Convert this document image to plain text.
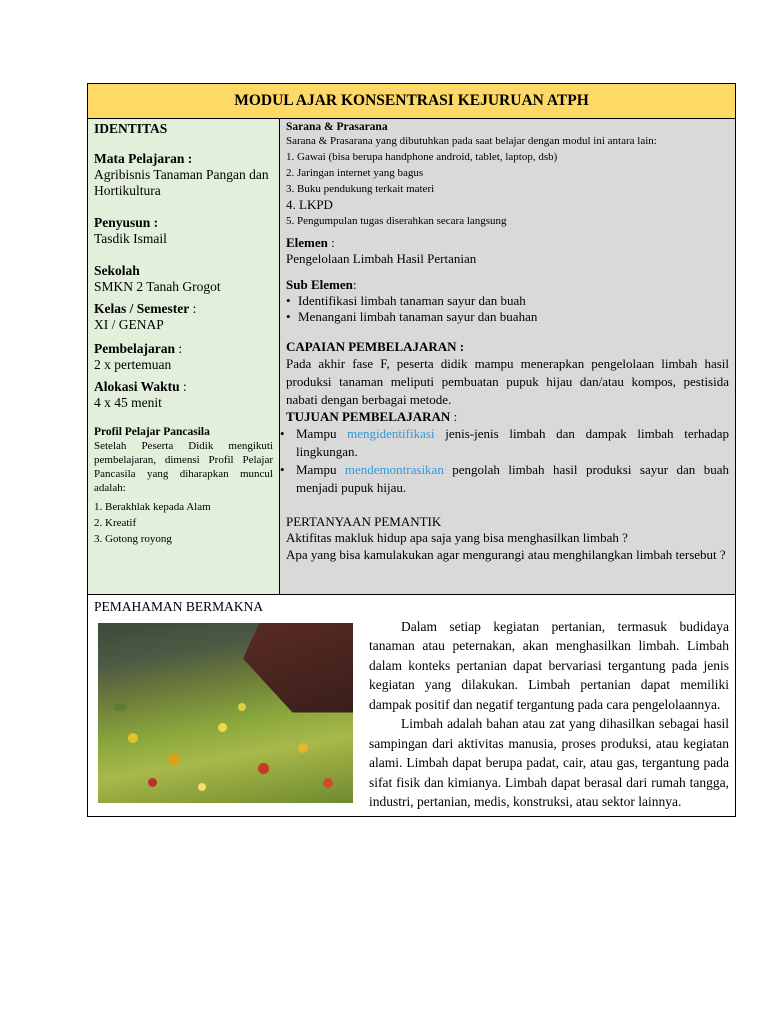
MODUL AJAR KONSENTRASI KEJURUAN ATPH
IDENTITAS
Mata Pelajaran :
Agribisnis Tanaman Pangan dan Hortikultura
Penyusun :
Tasdik Ismail
Sekolah
SMKN 2 Tanah Grogot
Kelas / Semester :
XI / GENAP
Pembelajaran :
2 x pertemuan
Alokasi Waktu :
4 x 45 menit
Profil Pelajar Pancasila
Setelah Peserta Didik mengikuti pembelajaran, dimensi Profil Pelajar Pancasila yang diharapkan muncul adalah:
1. Berakhlak kepada Alam
2. Kreatif
3. Gotong royong
Sarana & Prasarana
Sarana & Prasarana yang dibutuhkan pada saat belajar dengan modul ini antara lain:
1. Gawai (bisa berupa handphone android, tablet, laptop, dsb)
2. Jaringan internet yang bagus
3. Buku pendukung terkait materi
4. LKPD
5. Pengumpulan tugas diserahkan secara langsung
Elemen :
Pengelolaan Limbah Hasil Pertanian
Sub Elemen:
• Identifikasi limbah tanaman sayur dan buah
• Menangani limbah tanaman sayur dan buahan
CAPAIAN PEMBELAJARAN :
Pada akhir fase F, peserta didik mampu menerapkan pengelolaan limbah hasil produksi tanaman meliputi pembuatan pupuk hijau dan/atau kompos, pestisida nabati dengan berbagai metode.
TUJUAN PEMBELAJARAN :
• Mampu mengidentifikasi jenis-jenis limbah dan dampak limbah terhadap lingkungan.
• Mampu mendemontrasikan pengolah limbah hasil produksi sayur dan buah menjadi pupuk hijau.
PERTANYAAN PEMANTIK
Aktifitas makluk hidup apa saja yang bisa menghasilkan limbah ?
Apa yang bisa kamulakukan agar mengurangi atau menghilangkan limbah tersebut ?
PEMAHAMAN BERMAKNA

Dalam setiap kegiatan pertanian, termasuk budidaya tanaman atau peternakan, akan menghasilkan limbah. Limbah dalam konteks pertanian dapat bervariasi tergantung pada jenis kegiatan yang dilakukan. Limbah pertanian dapat memiliki dampak positif dan negatif tergantung pada cara pengelolaannya.

Limbah adalah bahan atau zat yang dihasilkan sebagai hasil sampingan dari aktivitas manusia, proses produksi, atau kegiatan alami. Limbah dapat berupa padat, cair, atau gas, tergantung pada sifat fisik dan kimianya. Limbah dapat berasal dari rumah tangga, industri, pertanian, medis, konstruksi, atau sektor lainnya.
